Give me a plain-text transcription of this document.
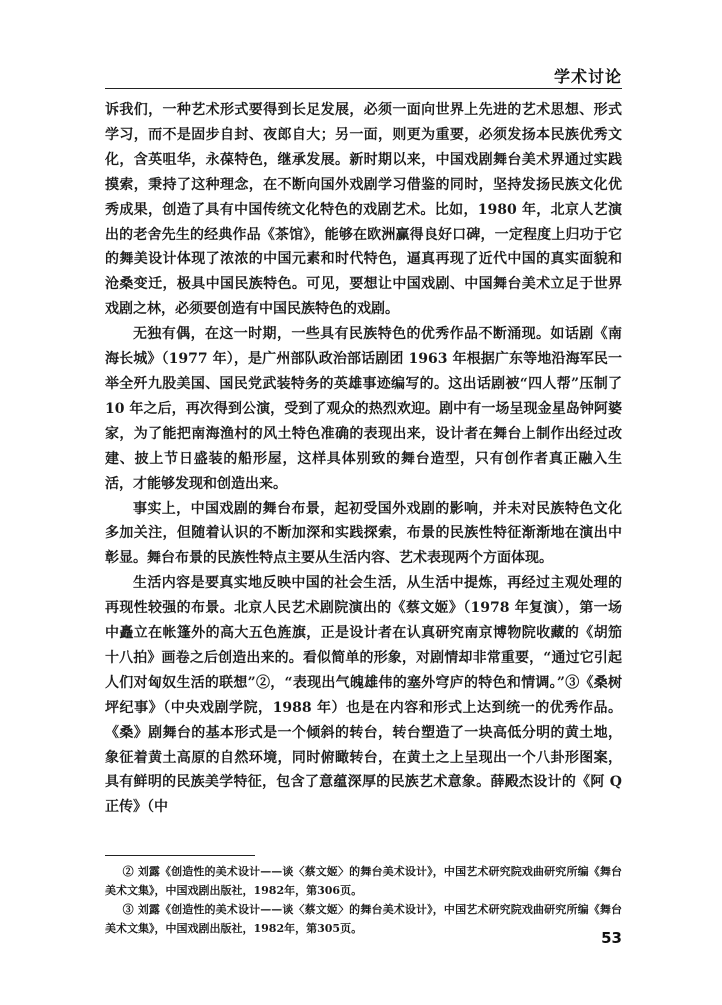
学术讨论

诉我们，一种艺术形式要得到长足发展，必须一面向世界上先进的艺术思想、形式学习，而不是固步自封、夜郎自大；另一面，则更为重要，必须发扬本民族优秀文化，含英咀华，永葆特色，继承发展。新时期以来，中国戏剧舞台美术界通过实践摸索，秉持了这种理念，在不断向国外戏剧学习借鉴的同时，坚持发扬民族文化优秀成果，创造了具有中国传统文化特色的戏剧艺术。比如，1980 年，北京人艺演出的老舍先生的经典作品《茶馆》，能够在欧洲赢得良好口碑，一定程度上归功于它的舞美设计体现了浓浓的中国元素和时代特色，逼真再现了近代中国的真实面貌和沧桑变迁，极具中国民族特色。可见，要想让中国戏剧、中国舞台美术立足于世界戏剧之林，必须要创造有中国民族特色的戏剧。

无独有偶，在这一时期，一些具有民族特色的优秀作品不断涌现。如话剧《南海长城》（1977 年），是广州部队政治部话剧团 1963 年根据广东等地沿海军民一举全歼九股美国、国民党武装特务的英雄事迹编写的。这出话剧被“四人帮”压制了 10 年之后，再次得到公演，受到了观众的热烈欢迎。剧中有一场呈现金星岛钟阿婆家，为了能把南海渔村的风土特色准确的表现出来，设计者在舞台上制作出经过改建、披上节日盛装的船形屋，这样具体别致的舞台造型，只有创作者真正融入生活，才能够发现和创造出来。

事实上，中国戏剧的舞台布景，起初受国外戏剧的影响，并未对民族特色文化多加关注，但随着认识的不断加深和实践探索，布景的民族性特征渐渐地在演出中彰显。舞台布景的民族性特点主要从生活内容、艺术表现两个方面体现。

生活内容是要真实地反映中国的社会生活，从生活中提炼，再经过主观处理的再现性较强的布景。北京人民艺术剧院演出的《蔡文姬》（1978 年复演），第一场中矗立在帐篷外的高大五色旌旗，正是设计者在认真研究南京博物院收藏的《胡笳十八拍》画卷之后创造出来的。看似简单的形象，对剧情却非常重要，“通过它引起人们对匈奴生活的联想”②，“表现出气魄雄伟的塞外穹庐的特色和情调。”③《桑树坪纪事》（中央戏剧学院，1988 年）也是在内容和形式上达到统一的优秀作品。《桑》剧舞台的基本形式是一个倾斜的转台，转台塑造了一块高低分明的黄土地，象征着黄土高原的自然环境，同时俯瞰转台，在黄土之上呈现出一个八卦形图案，具有鲜明的民族美学特征，包含了意蕴深厚的民族艺术意象。薛殿杰设计的《阿 Q 正传》（中

② 刘露《创造性的美术设计——谈〈蔡文姬〉的舞台美术设计》，中国艺术研究院戏曲研究所编《舞台美术文集》，中国戏剧出版社，1982年，第306页。

③ 刘露《创造性的美术设计——谈〈蔡文姬〉的舞台美术设计》，中国艺术研究院戏曲研究所编《舞台美术文集》，中国戏剧出版社，1982年，第305页。

53
